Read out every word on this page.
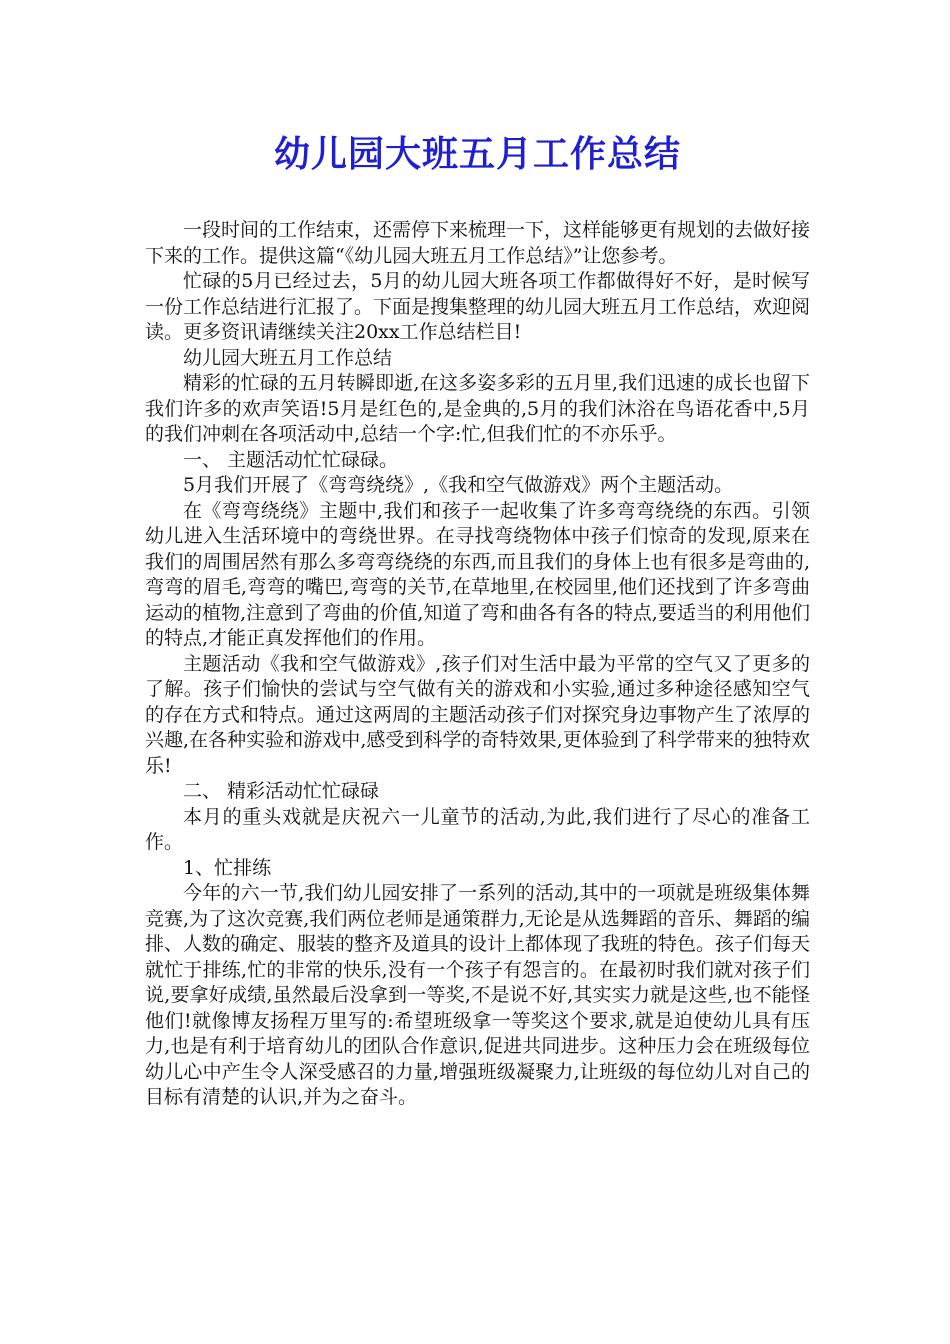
幼儿园大班五月工作总结

一段时间的工作结束，还需停下来梳理一下，这样能够更有规划的去做好接下来的工作。提供这篇“《幼儿园大班五月工作总结》”让您参考。

忙碌的5月已经过去，5月的幼儿园大班各项工作都做得好不好，是时候写一份工作总结进行汇报了。下面是搜集整理的幼儿园大班五月工作总结，欢迎阅读。更多资讯请继续关注20xx工作总结栏目!

幼儿园大班五月工作总结

精彩的忙碌的五月转瞬即逝,在这多姿多彩的五月里,我们迅速的成长也留下我们许多的欢声笑语!5月是红色的,是金典的,5月的我们沐浴在鸟语花香中,5月的我们冲刺在各项活动中,总结一个字:忙,但我们忙的不亦乐乎。

一、 主题活动忙忙碌碌。

5月我们开展了《弯弯绕绕》,《我和空气做游戏》两个主题活动。

在《弯弯绕绕》主题中,我们和孩子一起收集了许多弯弯绕绕的东西。引领幼儿进入生活环境中的弯绕世界。在寻找弯绕物体中孩子们惊奇的发现,原来在我们的周围居然有那么多弯弯绕绕的东西,而且我们的身体上也有很多是弯曲的,弯弯的眉毛,弯弯的嘴巴,弯弯的关节,在草地里,在校园里,他们还找到了许多弯曲运动的植物,注意到了弯曲的价值,知道了弯和曲各有各的特点,要适当的利用他们的特点,才能正真发挥他们的作用。

主题活动《我和空气做游戏》,孩子们对生活中最为平常的空气又了更多的了解。孩子们愉快的尝试与空气做有关的游戏和小实验,通过多种途径感知空气的存在方式和特点。通过这两周的主题活动孩子们对探究身边事物产生了浓厚的兴趣,在各种实验和游戏中,感受到科学的奇特效果,更体验到了科学带来的独特欢乐!

二、 精彩活动忙忙碌碌

本月的重头戏就是庆祝六一儿童节的活动,为此,我们进行了尽心的准备工作。

1、忙排练

今年的六一节,我们幼儿园安排了一系列的活动,其中的一项就是班级集体舞竞赛,为了这次竞赛,我们两位老师是通策群力,无论是从选舞蹈的音乐、舞蹈的编排、人数的确定、服装的整齐及道具的设计上都体现了我班的特色。孩子们每天就忙于排练,忙的非常的快乐,没有一个孩子有怨言的。在最初时我们就对孩子们说,要拿好成绩,虽然最后没拿到一等奖,不是说不好,其实实力就是这些,也不能怪他们!就像博友扬程万里写的:希望班级拿一等奖这个要求,就是迫使幼儿具有压力,也是有利于培育幼儿的团队合作意识,促进共同进步。这种压力会在班级每位幼儿心中产生令人深受感召的力量,增强班级凝聚力,让班级的每位幼儿对自己的目标有清楚的认识,并为之奋斗。
